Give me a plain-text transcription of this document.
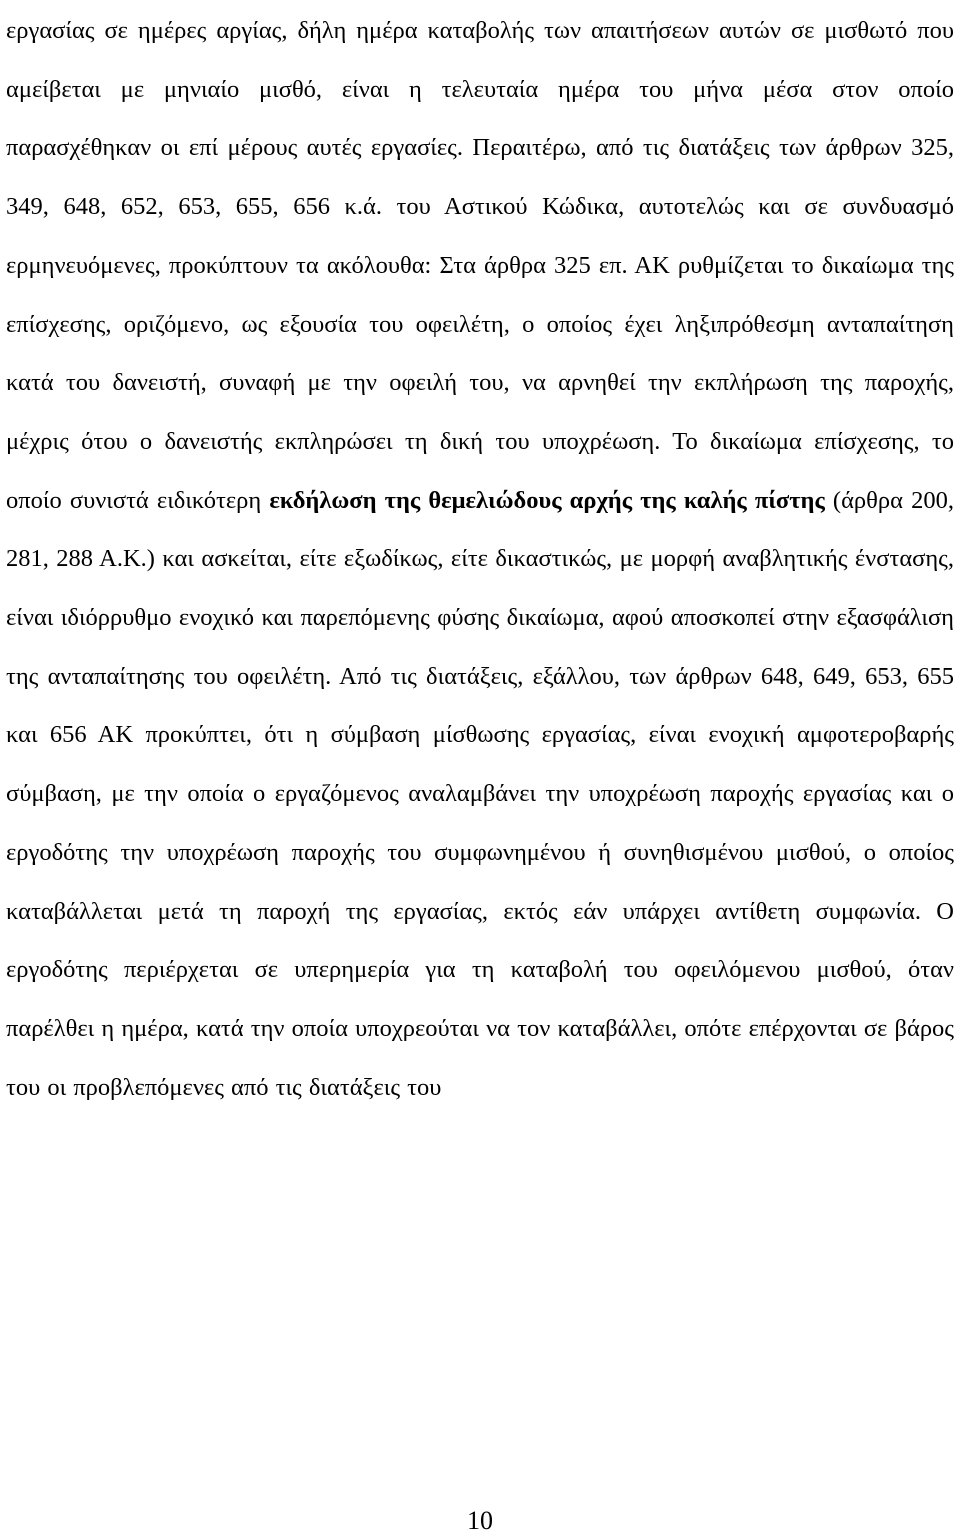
εργασίας σε ημέρες αργίας, δήλη ημέρα καταβολής των απαιτήσεων αυτών σε μισθωτό που αμείβεται με μηνιαίο μισθό, είναι η τελευταία ημέρα του μήνα μέσα στον οποίο παρασχέθηκαν οι επί μέρους αυτές εργασίες. Περαιτέρω, από τις διατάξεις των άρθρων 325, 349, 648, 652, 653, 655, 656 κ.ά. του Αστικού Κώδικα, αυτοτελώς και σε συνδυασμό ερμηνευόμενες, προκύπτουν τα ακόλουθα: Στα άρθρα 325 επ. ΑΚ ρυθμίζεται το δικαίωμα της επίσχεσης, οριζόμενο, ως εξουσία του οφειλέτη, ο οποίος έχει ληξιπρόθεσμη ανταπαίτηση κατά του δανειστή, συναφή με την οφειλή του, να αρνηθεί την εκπλήρωση της παροχής, μέχρις ότου ο δανειστής εκπληρώσει τη δική του υποχρέωση. Το δικαίωμα επίσχεσης, το οποίο συνιστά ειδικότερη εκδήλωση της θεμελιώδους αρχής της καλής πίστης (άρθρα 200, 281, 288 Α.Κ.) και ασκείται, είτε εξωδίκως, είτε δικαστικώς, με μορφή αναβλητικής ένστασης, είναι ιδιόρρυθμο ενοχικό και παρεπόμενης φύσης δικαίωμα, αφού αποσκοπεί στην εξασφάλιση της ανταπαίτησης του οφειλέτη. Από τις διατάξεις, εξάλλου, των άρθρων 648, 649, 653, 655 και 656 ΑΚ προκύπτει, ότι η σύμβαση μίσθωσης εργασίας, είναι ενοχική αμφοτεροβαρής σύμβαση, με την οποία ο εργαζόμενος αναλαμβάνει την υποχρέωση παροχής εργασίας και ο εργοδότης την υποχρέωση παροχής του συμφωνημένου ή συνηθισμένου μισθού, ο οποίος καταβάλλεται μετά τη παροχή της εργασίας, εκτός εάν υπάρχει αντίθετη συμφωνία. Ο εργοδότης περιέρχεται σε υπερημερία για τη καταβολή του οφειλόμενου μισθού, όταν παρέλθει η ημέρα, κατά την οποία υποχρεούται να τον καταβάλλει, οπότε επέρχονται σε βάρος του οι προβλεπόμενες από τις διατάξεις του

10
